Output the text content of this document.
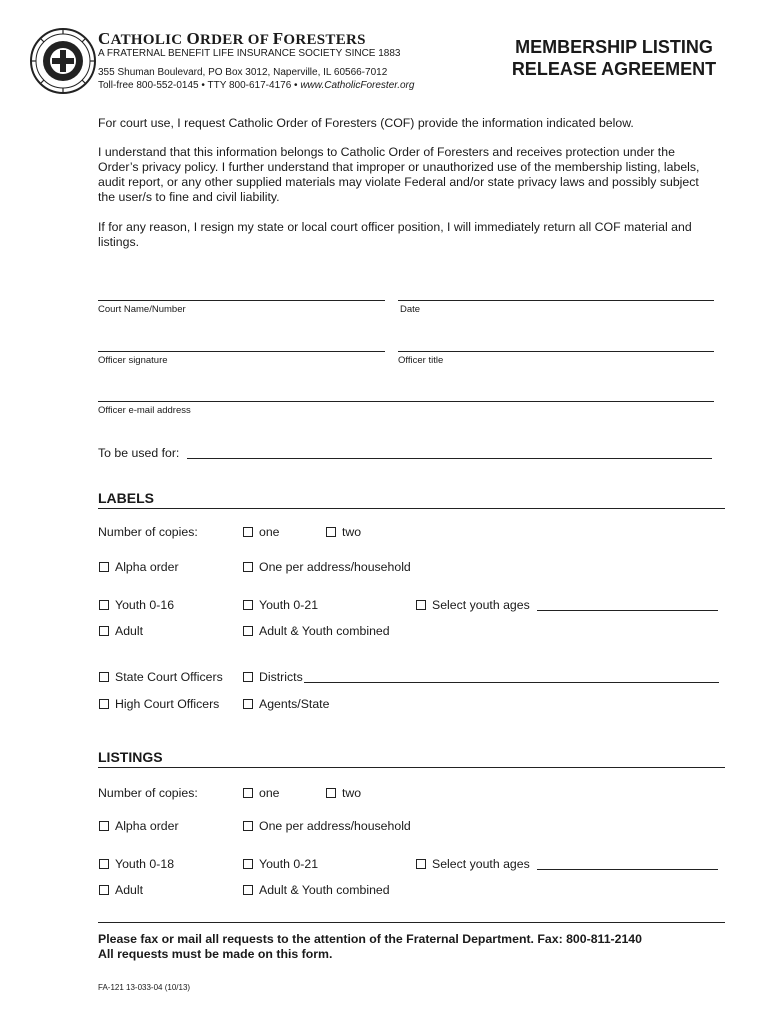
CATHOLIC ORDER OF FORESTERS
A FRATERNAL BENEFIT LIFE INSURANCE SOCIETY SINCE 1883
355 Shuman Boulevard, PO Box 3012, Naperville, IL 60566-7012
Toll-free 800-552-0145 • TTY 800-617-4176 • www.CatholicForester.org
MEMBERSHIP LISTING
RELEASE AGREEMENT
For court use, I request Catholic Order of Foresters (COF) provide the information indicated below.
I understand that this information belongs to Catholic Order of Foresters and receives protection under the Order’s privacy policy. I further understand that improper or unauthorized use of the membership listing, labels, audit report, or any other supplied materials may violate Federal and/or state privacy laws and possibly subject the user/s to fine and civil liability.
If for any reason, I resign my state or local court officer position, I will immediately return all COF material and listings.
Court Name/Number	Date
Officer signature	Officer title
Officer e-mail address
To be used for:
LABELS
Number of copies:	one	two
Alpha order	One per address/household
Youth 0-16	Youth 0-21	Select youth ages
Adult	Adult & Youth combined
State Court Officers	Districts
High Court Officers	Agents/State
LISTINGS
Number of copies:	one	two
Alpha order	One per address/household
Youth 0-18	Youth 0-21	Select youth ages
Adult	Adult & Youth combined
Please fax or mail all requests to the attention of the Fraternal Department. Fax: 800-811-2140
All requests must be made on this form.
FA-121 13-033-04 (10/13)
